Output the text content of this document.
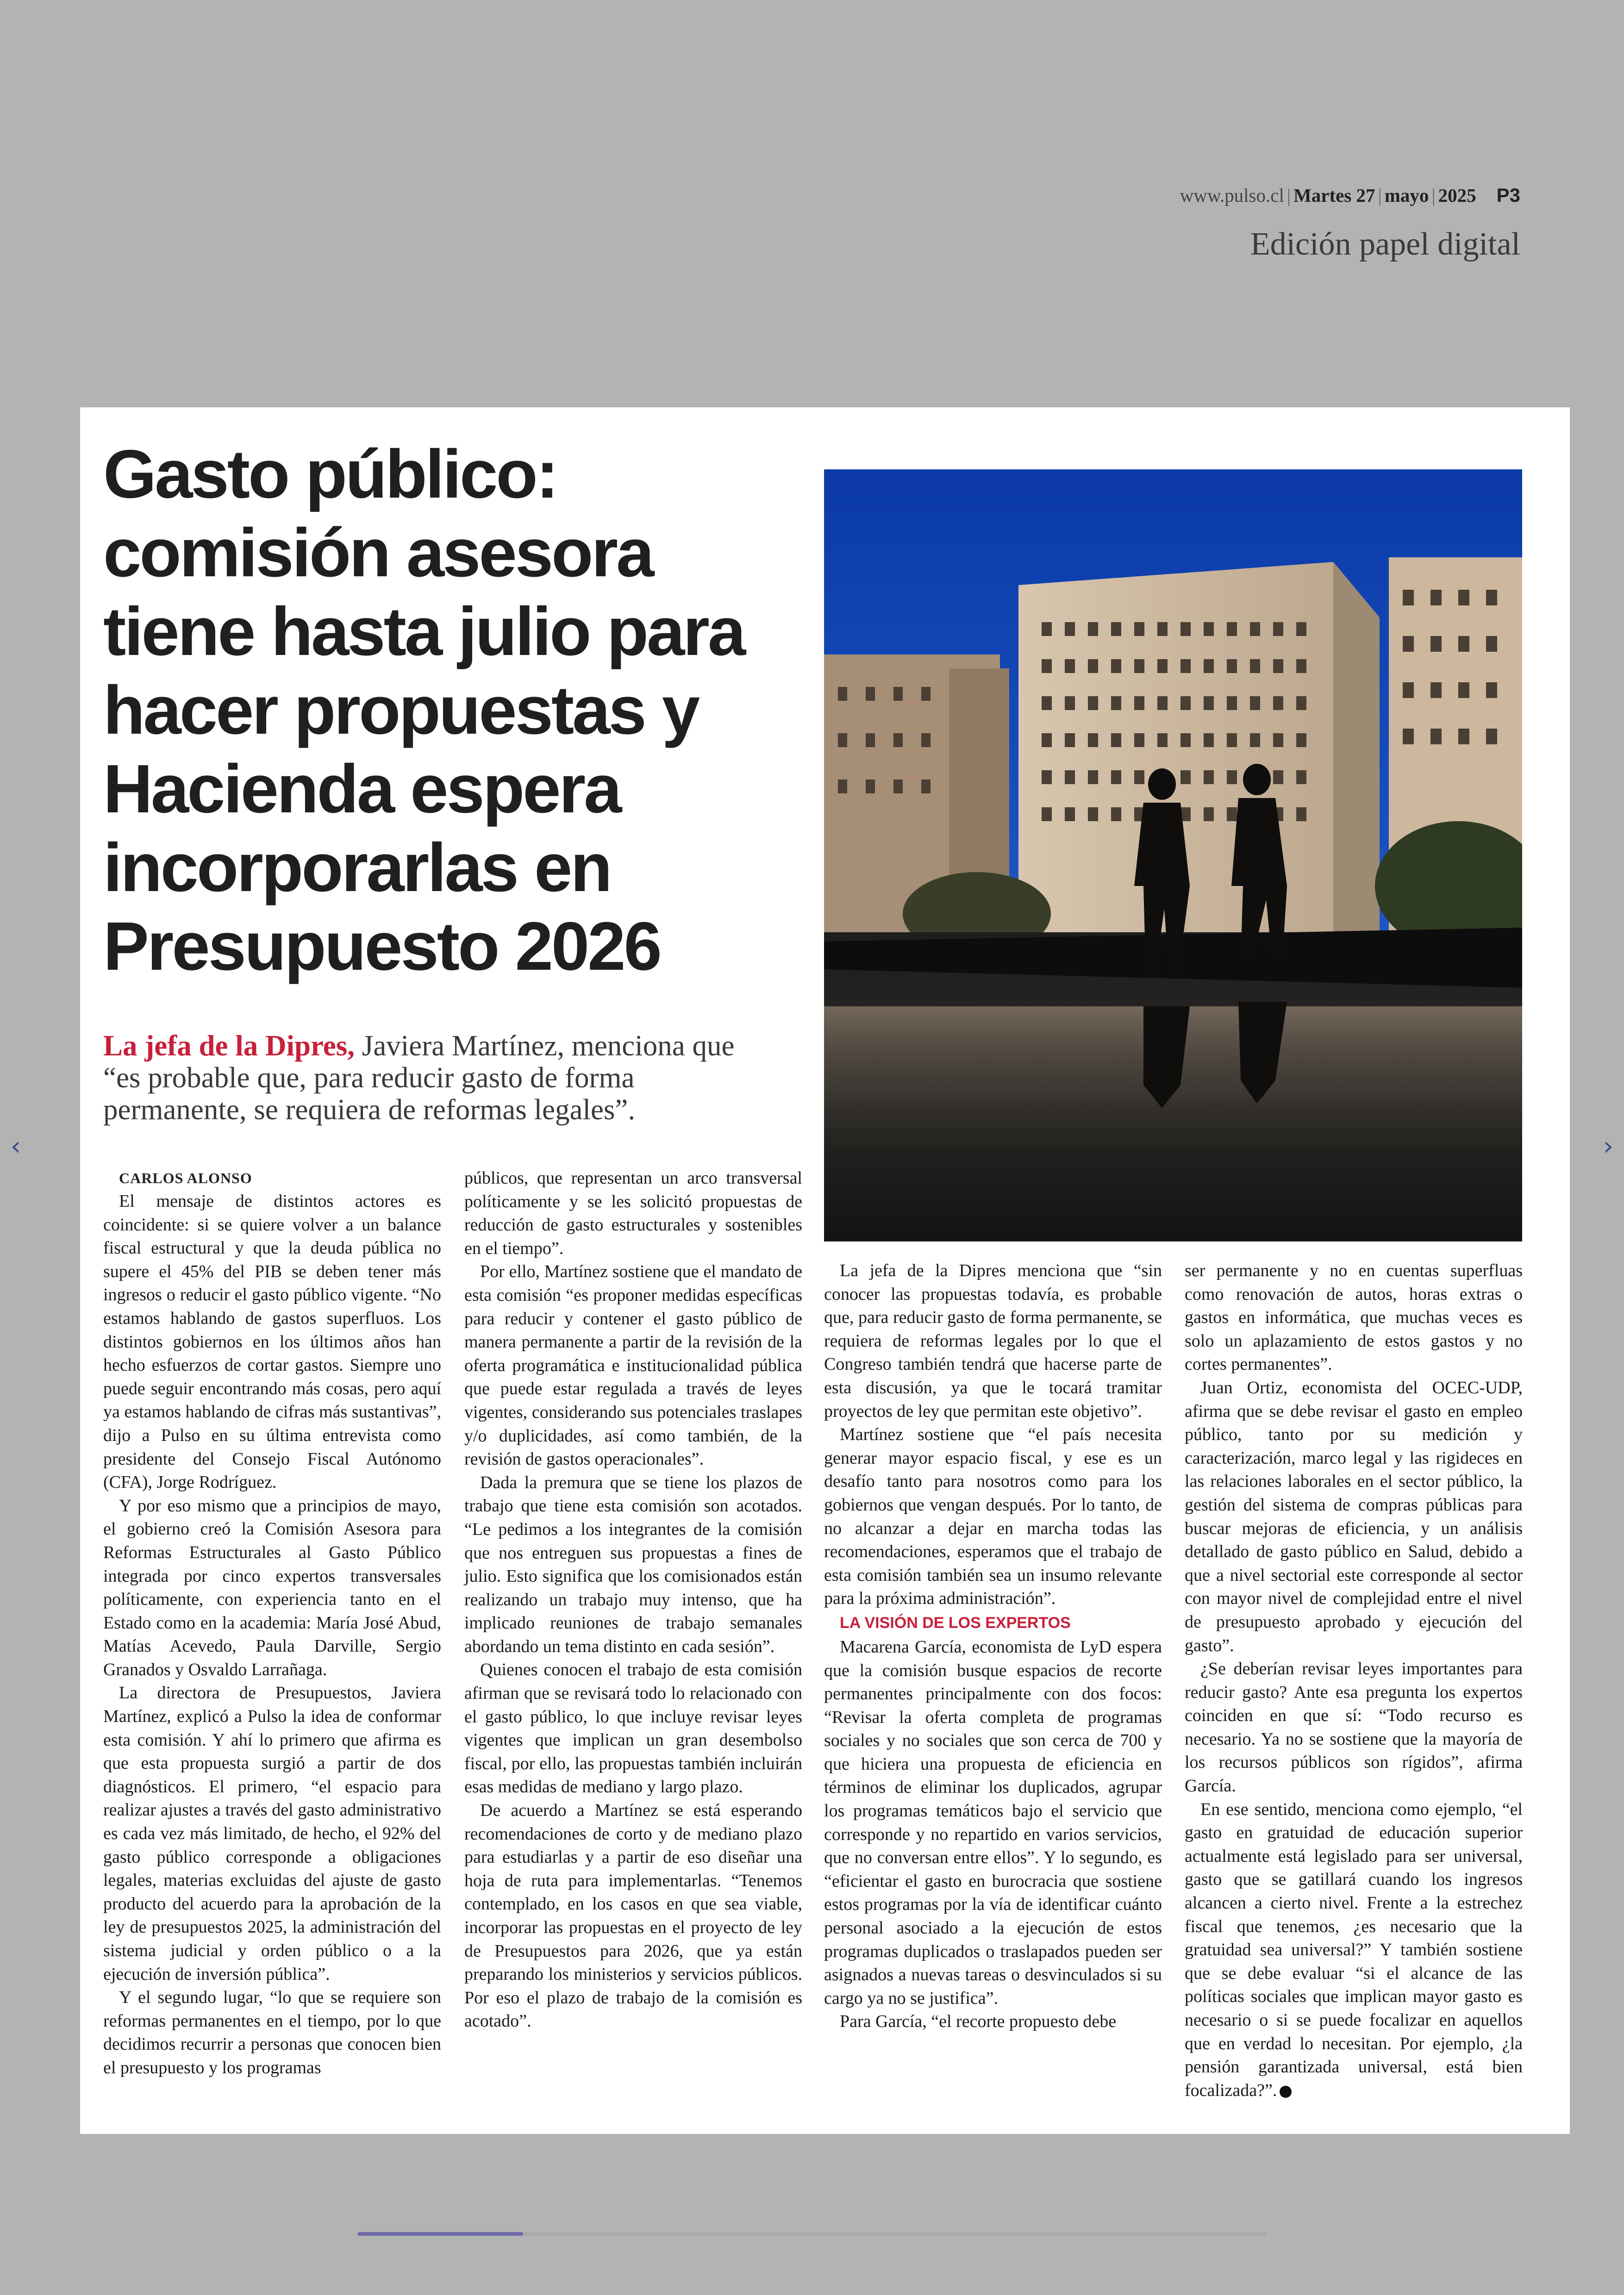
www.pulso.cl | Martes 27 | mayo | 2025 P3
Edición papel digital
‹	›
Gasto público: comisión asesora tiene hasta julio para hacer propuestas y Hacienda espera incorporarlas en Presupuesto 2026

La jefa de la Dipres, Javiera Martínez, menciona que “es probable que, para reducir gasto de forma permanente, se requiera de reformas legales”.

CARLOS ALONSO

El mensaje de distintos actores es coincidente: si se quiere volver a un balance fiscal estructural y que la deuda pública no supere el 45% del PIB se deben tener más ingresos o reducir el gasto público vigente. “No estamos hablando de gastos superfluos. Los distintos gobiernos en los últimos años han hecho esfuerzos de cortar gastos. Siempre uno puede seguir encontrando más cosas, pero aquí ya estamos hablando de cifras más sustantivas”, dijo a Pulso en su última entrevista como presidente del Consejo Fiscal Autónomo (CFA), Jorge Rodríguez.

Y por eso mismo que a principios de mayo, el gobierno creó la Comisión Asesora para Reformas Estructurales al Gasto Público integrada por cinco expertos transversales políticamente, con experiencia tanto en el Estado como en la academia: María José Abud, Matías Acevedo, Paula Darville, Sergio Granados y Osvaldo Larrañaga.

La directora de Presupuestos, Javiera Martínez, explicó a Pulso la idea de conformar esta comisión. Y ahí lo primero que afirma es que esta propuesta surgió a partir de dos diagnósticos. El primero, “el espacio para realizar ajustes a través del gasto administrativo es cada vez más limitado, de hecho, el 92% del gasto público corresponde a obligaciones legales, materias excluidas del ajuste de gasto producto del acuerdo para la aprobación de la ley de presupuestos 2025, la administración del sistema judicial y orden público o a la ejecución de inversión pública”.

Y el segundo lugar, “lo que se requiere son reformas permanentes en el tiempo, por lo que decidimos recurrir a personas que conocen bien el presupuesto y los programas

públicos, que representan un arco transversal políticamente y se les solicitó propuestas de reducción de gasto estructurales y sostenibles en el tiempo”.

Por ello, Martínez sostiene que el mandato de esta comisión “es proponer medidas específicas para reducir y contener el gasto público de manera permanente a partir de la revisión de la oferta programática e institucionalidad pública que puede estar regulada a través de leyes vigentes, considerando sus potenciales traslapes y/o duplicidades, así como también, de la revisión de gastos operacionales”.

Dada la premura que se tiene los plazos de trabajo que tiene esta comisión son acotados. “Le pedimos a los integrantes de la comisión que nos entreguen sus propuestas a fines de julio. Esto significa que los comisionados están realizando un trabajo muy intenso, que ha implicado reuniones de trabajo semanales abordando un tema distinto en cada sesión”.

Quienes conocen el trabajo de esta comisión afirman que se revisará todo lo relacionado con el gasto público, lo que incluye revisar leyes vigentes que implican un gran desembolso fiscal, por ello, las propuestas también incluirán esas medidas de mediano y largo plazo.

De acuerdo a Martínez se está esperando recomendaciones de corto y de mediano plazo para estudiarlas y a partir de eso diseñar una hoja de ruta para implementarlas. “Tenemos contemplado, en los casos en que sea viable, incorporar las propuestas en el proyecto de ley de Presupuestos para 2026, que ya están preparando los ministerios y servicios públicos. Por eso el plazo de trabajo de la comisión es acotado”.

La jefa de la Dipres menciona que “sin conocer las propuestas todavía, es probable que, para reducir gasto de forma permanente, se requiera de reformas legales por lo que el Congreso también tendrá que hacerse parte de esta discusión, ya que le tocará tramitar proyectos de ley que permitan este objetivo”.

Martínez sostiene que “el país necesita generar mayor espacio fiscal, y ese es un desafío tanto para nosotros como para los gobiernos que vengan después. Por lo tanto, de no alcanzar a dejar en marcha todas las recomendaciones, esperamos que el trabajo de esta comisión también sea un insumo relevante para la próxima administración”.

LA VISIÓN DE LOS EXPERTOS

Macarena García, economista de LyD espera que la comisión busque espacios de recorte permanentes principalmente con dos focos: “Revisar la oferta completa de programas sociales y no sociales que son cerca de 700 y que hiciera una propuesta de eficiencia en términos de eliminar los duplicados, agrupar los programas temáticos bajo el servicio que corresponde y no repartido en varios servicios, que no conversan entre ellos”. Y lo segundo, es “eficientar el gasto en burocracia que sostiene estos programas por la vía de identificar cuánto personal asociado a la ejecución de estos programas duplicados o traslapados pueden ser asignados a nuevas tareas o desvinculados si su cargo ya no se justifica”.

Para García, “el recorte propuesto debe

ser permanente y no en cuentas superfluas como renovación de autos, horas extras o gastos en informática, que muchas veces es solo un aplazamiento de estos gastos y no cortes permanentes”.

Juan Ortiz, economista del OCEC-UDP, afirma que se debe revisar el gasto en empleo público, tanto por su medición y caracterización, marco legal y las rigideces en las relaciones laborales en el sector público, la gestión del sistema de compras públicas para buscar mejoras de eficiencia, y un análisis detallado de gasto público en Salud, debido a que a nivel sectorial este corresponde al sector con mayor nivel de complejidad entre el nivel de presupuesto aprobado y ejecución del gasto”.

¿Se deberían revisar leyes importantes para reducir gasto? Ante esa pregunta los expertos coinciden en que sí: “Todo recurso es necesario. Ya no se sostiene que la mayoría de los recursos públicos son rígidos”, afirma García.

En ese sentido, menciona como ejemplo, “el gasto en gratuidad de educación superior actualmente está legislado para ser universal, gasto que se gatillará cuando los ingresos alcancen a cierto nivel. Frente a la estrechez fiscal que tenemos, ¿es necesario que la gratuidad sea universal?” Y también sostiene que se debe evaluar “si el alcance de las políticas sociales que implican mayor gasto es necesario o si se puede focalizar en aquellos que en verdad lo necesitan. Por ejemplo, ¿la pensión garantizada universal, está bien focalizada?”.
